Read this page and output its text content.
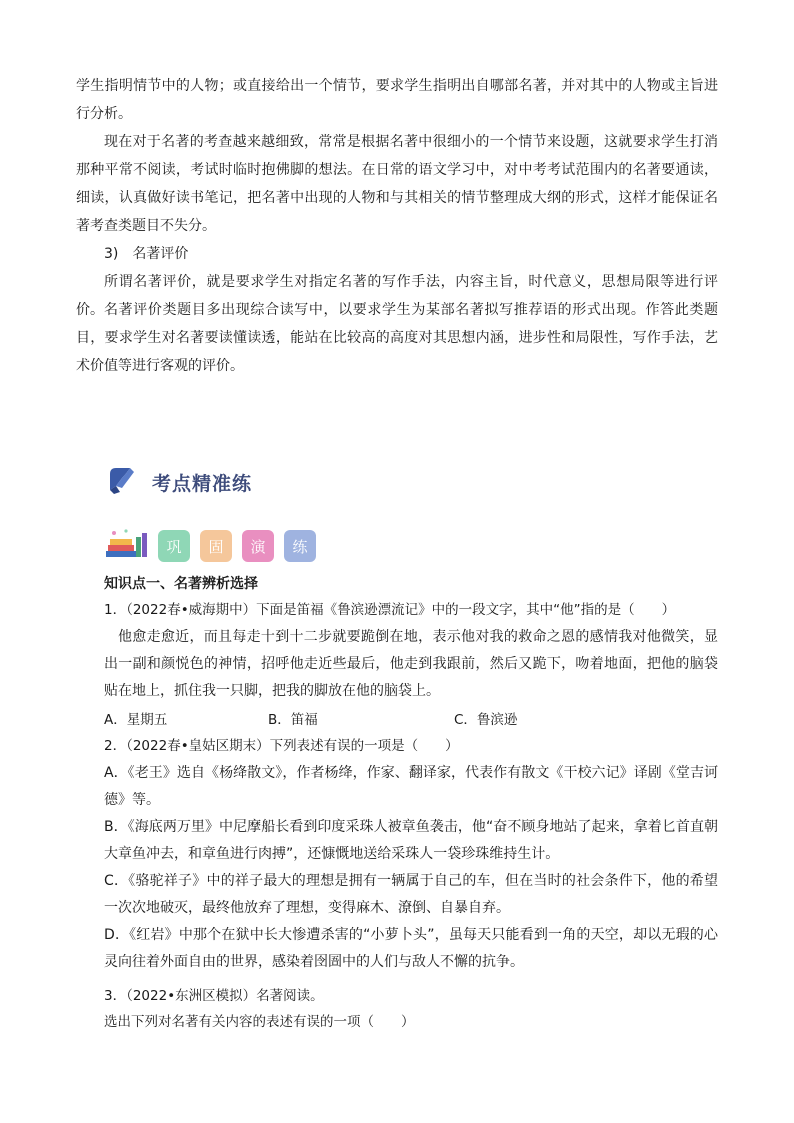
学生指明情节中的人物；或直接给出一个情节，要求学生指明出自哪部名著，并对其中的人物或主旨进行分析。

现在对于名著的考查越来越细致，常常是根据名著中很细小的一个情节来设题，这就要求学生打消那种平常不阅读，考试时临时抱佛脚的想法。在日常的语文学习中，对中考考试范围内的名著要通读，细读，认真做好读书笔记，把名著中出现的人物和与其相关的情节整理成大纲的形式，这样才能保证名著考查类题目不失分。

3)　名著评价

所谓名著评价，就是要求学生对指定名著的写作手法，内容主旨，时代意义，思想局限等进行评价。 名著评价类题目多出现综合读写中，以要求学生为某部名著拟写推荐语的形式出现。作答此类题目，要求学生对名著要读懂读透，能站在比较高的高度对其思想内涵，进步性和局限性，写作手法，艺术价值等进行客观的评价。

考点精准练
巩	固	演	练
知识点一、名著辨析选择

1．（2022春•威海期中）下面是笛福《鲁滨逊漂流记》中的一段文字，其中“他”指的是（　　）

他愈走愈近，而且每走十到十二步就要跪倒在地，表示他对我的救命之恩的感情我对他微笑，显出一副和颜悦色的神情，招呼他走近些最后，他走到我跟前，然后又跪下，吻着地面，把他的脑袋贴在地上，抓住我一只脚，把我的脚放在他的脑袋上。

A．星期五	B．笛福	C．鲁滨逊

2．（2022春•皇姑区期末）下列表述有误的一项是（　　）

A．《老王》选自《杨绛散文》，作者杨绛，作家、翻译家，代表作有散文《干校六记》译剧《堂吉诃德》等。

B．《海底两万里》中尼摩船长看到印度采珠人被章鱼袭击，他“奋不顾身地站了起来，拿着匕首直朝大章鱼冲去，和章鱼进行肉搏”，还慷慨地送给采珠人一袋珍珠维持生计。

C．《骆驼祥子》中的祥子最大的理想是拥有一辆属于自己的车，但在当时的社会条件下，他的希望一次次地破灭，最终他放弃了理想，变得麻木、潦倒、自暴自弃。

D．《红岩》中那个在狱中长大惨遭杀害的“小萝卜头”，虽每天只能看到一角的天空，却以无瑕的心灵向往着外面自由的世界，感染着囹圄中的人们与敌人不懈的抗争。

3．（2022•东洲区模拟）名著阅读。

选出下列对名著有关内容的表述有误的一项（　　）
